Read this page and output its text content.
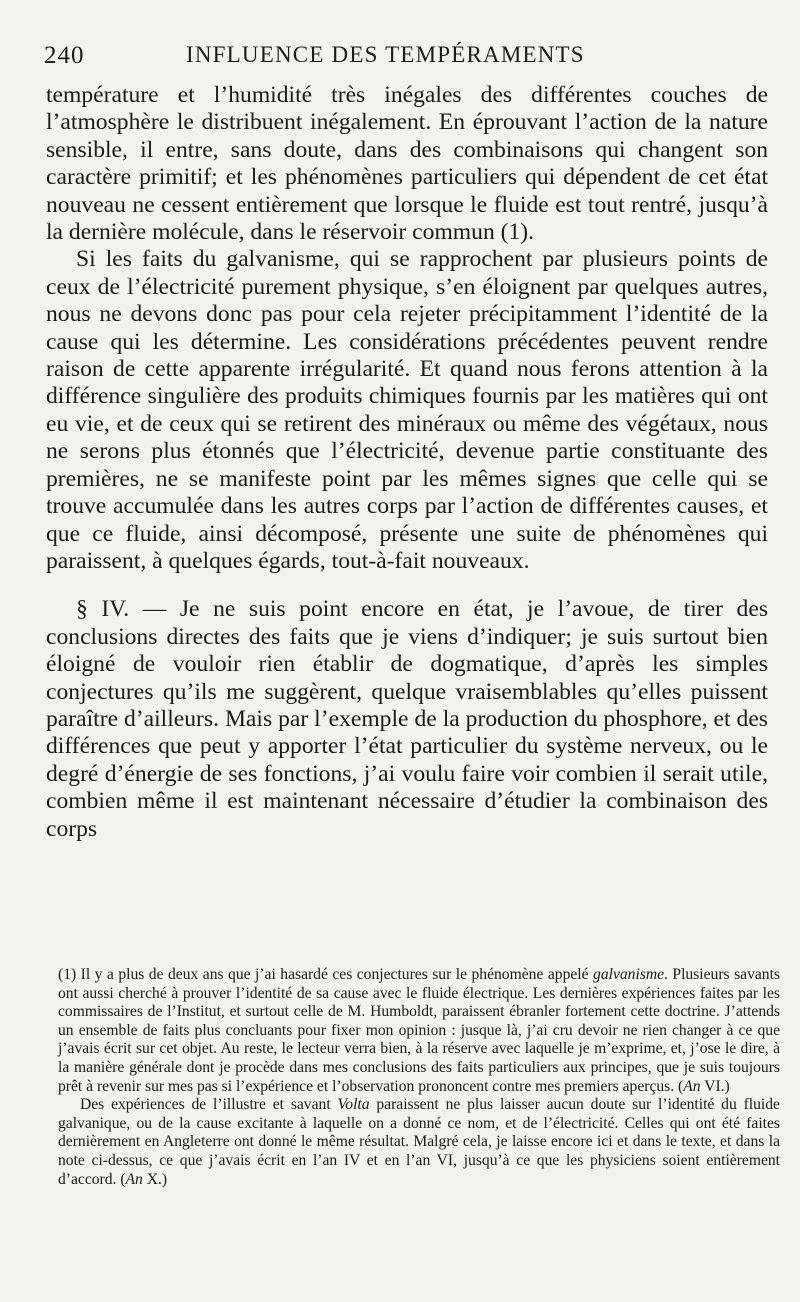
240	INFLUENCE DES TEMPÉRAMENTS

température et l’humidité très inégales des différentes couches de l’atmosphère le distribuent inégalement. En éprouvant l’action de la nature sensible, il entre, sans doute, dans des combinaisons qui changent son caractère primitif; et les phénomènes particuliers qui dépendent de cet état nouveau ne cessent entièrement que lorsque le fluide est tout rentré, jusqu’à la dernière molécule, dans le réservoir commun (1).

Si les faits du galvanisme, qui se rapprochent par plusieurs points de ceux de l’électricité purement physique, s’en éloignent par quelques autres, nous ne devons donc pas pour cela rejeter précipitamment l’identité de la cause qui les détermine. Les considérations précédentes peuvent rendre raison de cette apparente irrégularité. Et quand nous ferons attention à la différence singulière des produits chimiques fournis par les matières qui ont eu vie, et de ceux qui se retirent des minéraux ou même des végétaux, nous ne serons plus étonnés que l’électricité, devenue partie constituante des premières, ne se manifeste point par les mêmes signes que celle qui se trouve accumulée dans les autres corps par l’action de différentes causes, et que ce fluide, ainsi décomposé, présente une suite de phénomènes qui paraissent, à quelques égards, tout-à-fait nouveaux.

§ IV. — Je ne suis point encore en état, je l’avoue, de tirer des conclusions directes des faits que je viens d’indiquer; je suis surtout bien éloigné de vouloir rien établir de dogmatique, d’après les simples conjectures qu’ils me suggèrent, quelque vraisemblables qu’elles puissent paraître d’ailleurs. Mais par l’exemple de la production du phosphore, et des différences que peut y apporter l’état particulier du système nerveux, ou le degré d’énergie de ses fonctions, j’ai voulu faire voir combien il serait utile, combien même il est maintenant nécessaire d’étudier la combinaison des corps

(1) Il y a plus de deux ans que j’ai hasardé ces conjectures sur le phénomène appelé galvanisme. Plusieurs savants ont aussi cherché à prouver l’identité de sa cause avec le fluide électrique. Les dernières expériences faites par les commissaires de l’Institut, et surtout celle de M. Humboldt, paraissent ébranler fortement cette doctrine. J’attends un ensemble de faits plus concluants pour fixer mon opinion : jusque là, j’ai cru devoir ne rien changer à ce que j’avais écrit sur cet objet. Au reste, le lecteur verra bien, à la réserve avec laquelle je m’exprime, et, j’ose le dire, à la manière générale dont je procède dans mes conclusions des faits particuliers aux principes, que je suis toujours prêt à revenir sur mes pas si l’expérience et l’observation prononcent contre mes premiers aperçus. (An VI.)

Des expériences de l’illustre et savant Volta paraissent ne plus laisser aucun doute sur l’identité du fluide galvanique, ou de la cause excitante à laquelle on a donné ce nom, et de l’électricité. Celles qui ont été faites dernièrement en Angleterre ont donné le même résultat. Malgré cela, je laisse encore ici et dans le texte, et dans la note ci-dessus, ce que j’avais écrit en l’an IV et en l’an VI, jusqu’à ce que les physiciens soient entièrement d’accord. (An X.)
